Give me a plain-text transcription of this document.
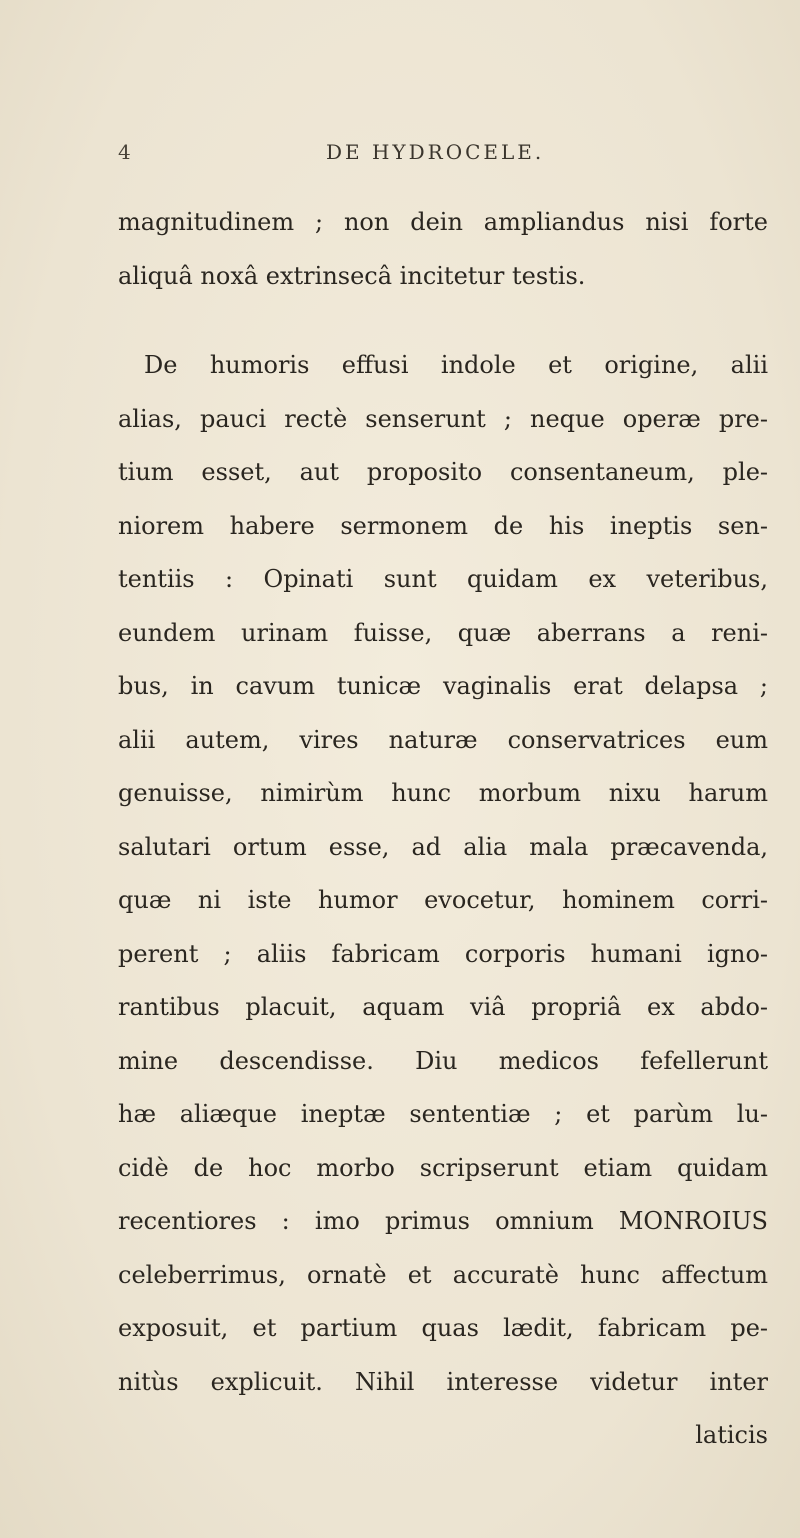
4	DE HYDROCELE.
magnitudinem ; non dein ampliandus nisi forte
aliquâ noxâ extrinsecâ incitetur testis.
De humoris effusi indole et origine, alii
alias, pauci rectè senserunt ; neque operæ pre-
tium esset, aut proposito consentaneum, ple-
niorem habere sermonem de his ineptis sen-
tentiis : Opinati sunt quidam ex veteribus,
eundem urinam fuisse, quæ aberrans a reni-
bus, in cavum tunicæ vaginalis erat delapsa ;
alii autem, vires naturæ conservatrices eum
genuisse, nimirùm hunc morbum nixu harum
salutari ortum esse, ad alia mala præcavenda,
quæ ni iste humor evocetur, hominem corri-
perent ; aliis fabricam corporis humani igno-
rantibus placuit, aquam viâ propriâ ex abdo-
mine descendisse. Diu medicos fefellerunt
hæ aliæque ineptæ sententiæ ; et parùm lu-
cidè de hoc morbo scripserunt etiam quidam
recentiores : imo primus omnium MONROIUS
celeberrimus, ornatè et accuratè hunc affectum
exposuit, et partium quas lædit, fabricam pe-
nitùs explicuit. Nihil interesse videtur inter
laticis
